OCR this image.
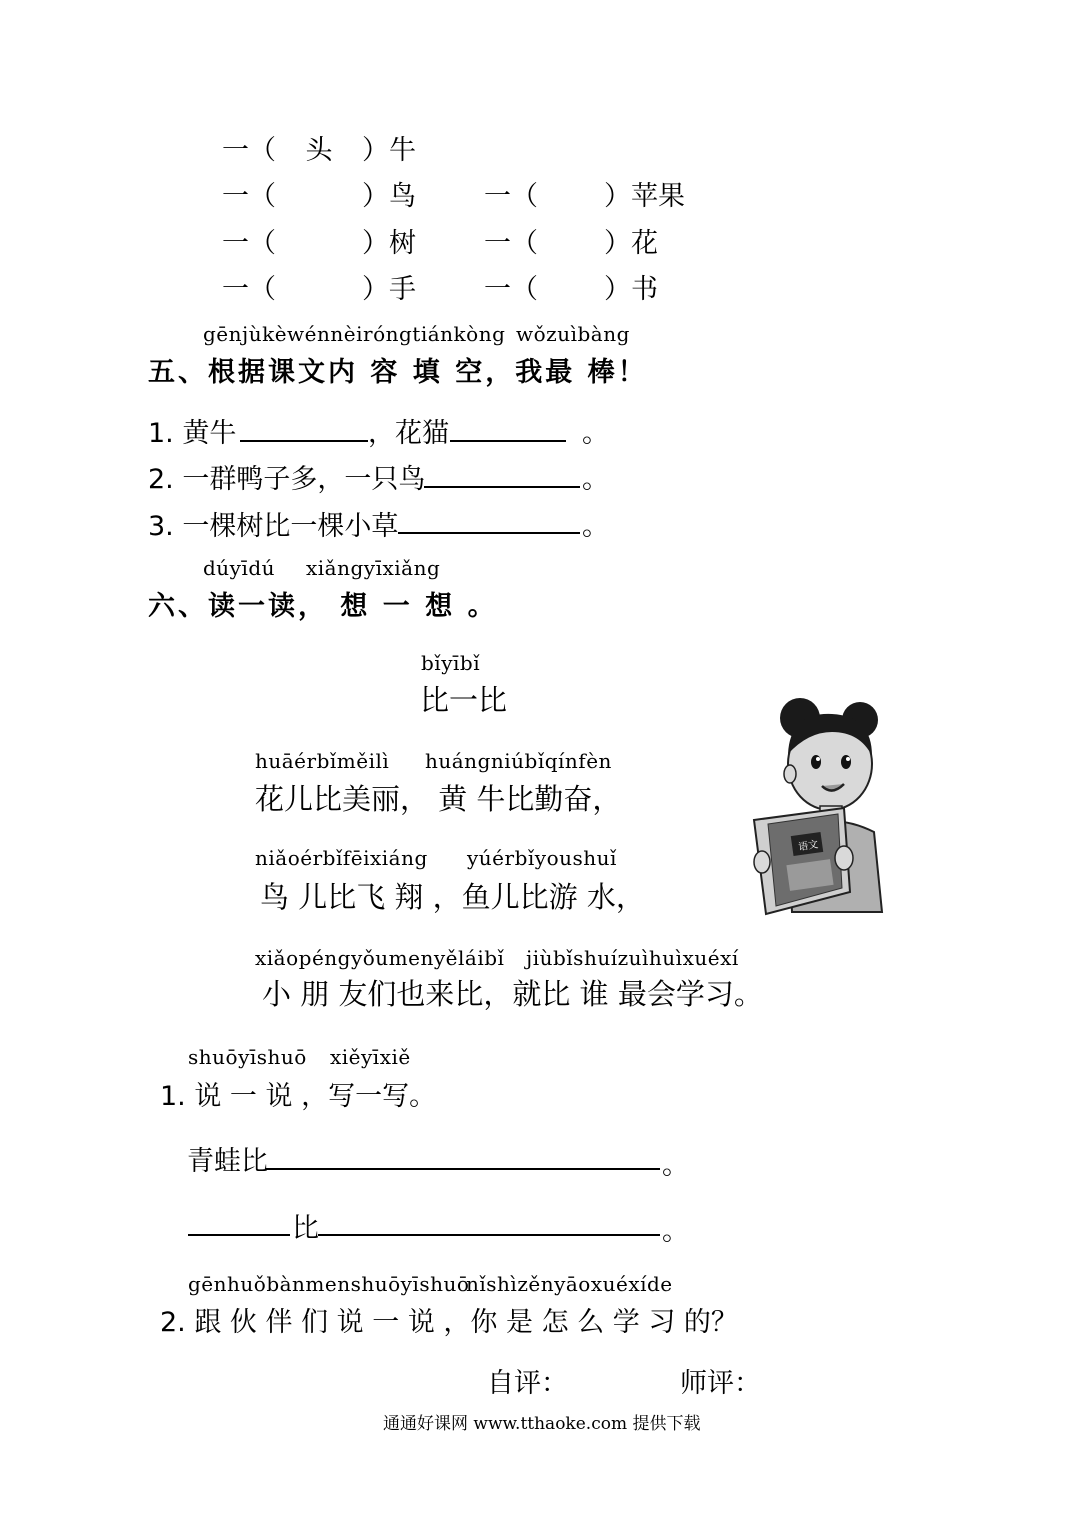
一（ 头 ）牛
一（	）鸟	一（ ）苹果
一（	）树	一（ ）花
一（	）手	一（ ）书
gēnjùkèwénnèiróngtiánkòng wǒzuìbàng
五、根据课文内 容 填 空，我最 棒！
1. 黄牛	，花猫	。
2. 一群鸭子多，一只鸟	。
3. 一棵树比一棵小草	。
dúyīdú xiǎngyīxiǎng
六、读一读， 想 一 想 。
bǐyībǐ
比一比
huāérbǐměilì huángniúbǐqínfèn
花儿比美丽， 黄 牛比勤奋，
niǎoérbǐfēixiáng yúérbǐyoushuǐ
鸟 儿比飞 翔 ，鱼儿比游 水，
xiǎopéngyǒumenyěláibǐ jiùbǐshuízuìhuìxuéxí
小 朋 友们也来比，就比 谁 最会学习。
语文
shuōyīshuō xiěyīxiě
1. 说 一 说 ，写一写。
青蛙比	。
比	。
gēnhuǒbànmenshuōyīshuō
nǐshìzěnyāoxuéxíde
2. 跟 伙 伴 们 说 一 说 ，你 是 怎 么 学 习 的？
自评：	师评：
通通好课网 www.tthaoke.com 提供下载
